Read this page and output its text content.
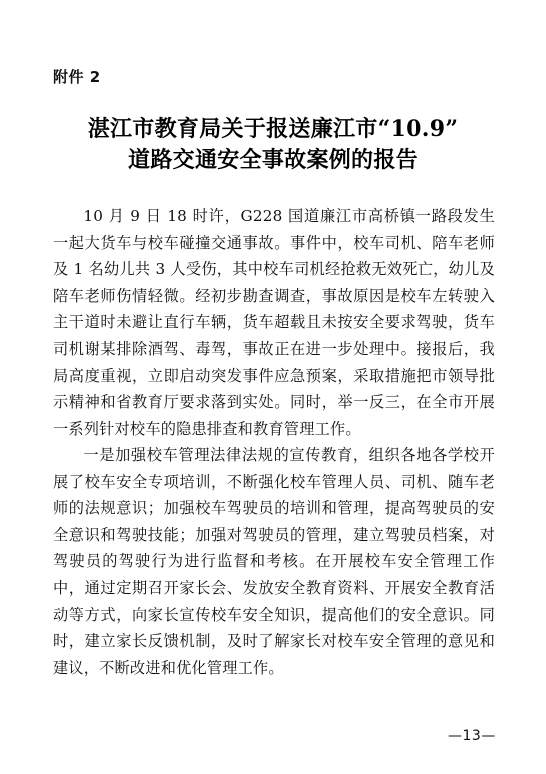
附件 2
湛江市教育局关于报送廉江市“10.9”
道路交通安全事故案例的报告

10 月 9 日 18 时许，G228 国道廉江市高桥镇一路段发生一起大货车与校车碰撞交通事故。事件中，校车司机、陪车老师及 1 名幼儿共 3 人受伤，其中校车司机经抢救无效死亡，幼儿及陪车老师伤情轻微。经初步勘查调查，事故原因是校车左转驶入主干道时未避让直行车辆，货车超载且未按安全要求驾驶，货车司机谢某排除酒驾、毒驾，事故正在进一步处理中。接报后，我局高度重视，立即启动突发事件应急预案，采取措施把市领导批示精神和省教育厅要求落到实处。同时，举一反三，在全市开展一系列针对校车的隐患排查和教育管理工作。

一是加强校车管理法律法规的宣传教育，组织各地各学校开展了校车安全专项培训，不断强化校车管理人员、司机、随车老师的法规意识；加强校车驾驶员的培训和管理，提高驾驶员的安全意识和驾驶技能；加强对驾驶员的管理，建立驾驶员档案，对驾驶员的驾驶行为进行监督和考核。在开展校车安全管理工作中，通过定期召开家长会、发放安全教育资料、开展安全教育活动等方式，向家长宣传校车安全知识，提高他们的安全意识。同时，建立家长反馈机制，及时了解家长对校车安全管理的意见和建议，不断改进和优化管理工作。

—13—
